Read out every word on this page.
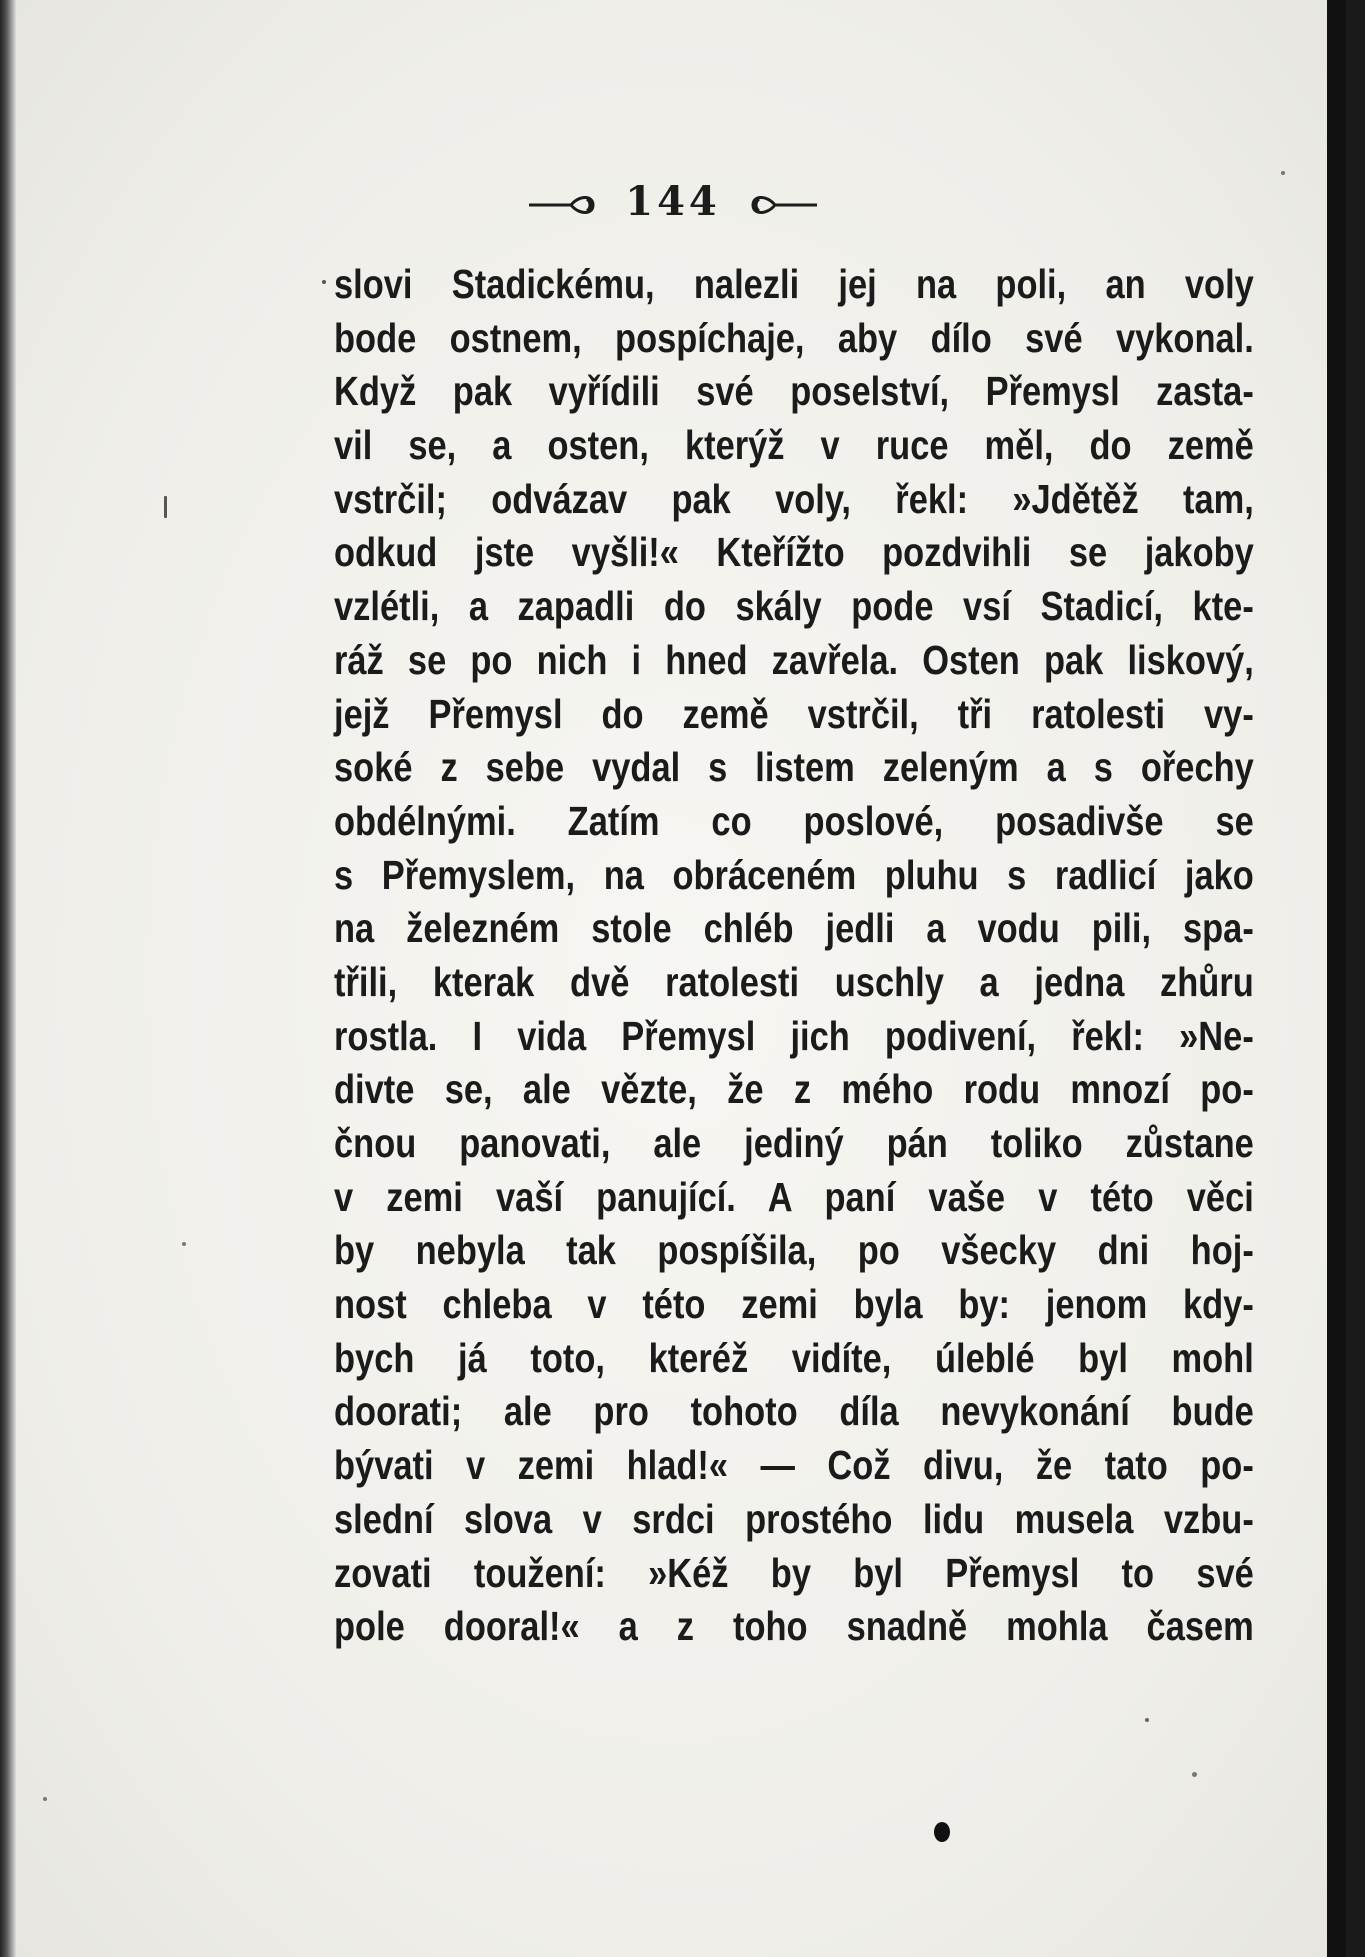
144
slovi Stadickému, nalezli jej na poli, an voly
bode ostnem, pospíchaje, aby dílo své vykonal.
Když pak vyřídili své poselství, Přemysl zasta-
vil se, a osten, kterýž v ruce měl, do země
vstrčil; odvázav pak voly, řekl: »Jdětěž tam,
odkud jste vyšli!« Kteřížto pozdvihli se jakoby
vzlétli, a zapadli do skály pode vsí Stadicí, kte-
ráž se po nich i hned zavřela. Osten pak liskový,
jejž Přemysl do země vstrčil, tři ratolesti vy-
soké z sebe vydal s listem zeleným a s ořechy
obdélnými. Zatím co poslové, posadivše se
s Přemyslem, na obráceném pluhu s radlicí jako
na železném stole chléb jedli a vodu pili, spa-
třili, kterak dvě ratolesti uschly a jedna zhůru
rostla. I vida Přemysl jich podivení, řekl: »Ne-
divte se, ale vězte, že z mého rodu mnozí po-
čnou panovati, ale jediný pán toliko zůstane
v zemi vaší panující. A paní vaše v této věci
by nebyla tak pospíšila, po všecky dni hoj-
nost chleba v této zemi byla by: jenom kdy-
bych já toto, kteréž vidíte, úleblé byl mohl
doorati; ale pro tohoto díla nevykonání bude
bývati v zemi hlad!« — Což divu, že tato po-
slední slova v srdci prostého lidu musela vzbu-
zovati toužení: »Kéž by byl Přemysl to své
pole dooral!« a z toho snadně mohla časem
